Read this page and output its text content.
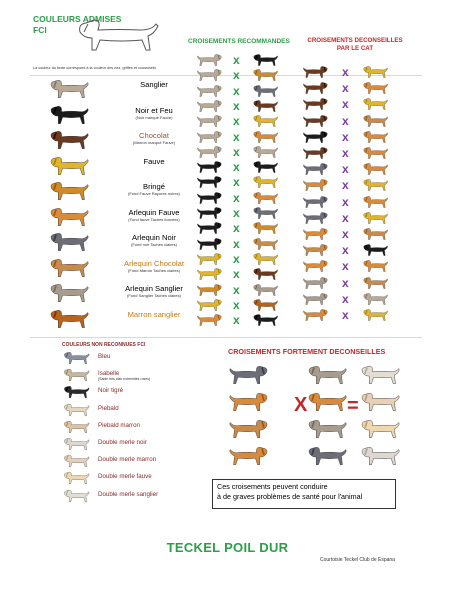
COULEURS ADMISES
FCI
La couleur du texte correspond à la couleur des nez, griffes et coussinets
CROISEMENTS RECOMMANDES	CROISEMENTS DECONSEILLES
PAR LE CAT
Sanglier
Noir et Feu
(Noir marqué Fauve)
Chocolat
(Marron marqué Fauve)
Fauve
Bringé
(Fond Fauve Rayures noires)
Arlequin Fauve
(Fond fauve Taches foncées)
Arlequin Noir
(Fond noir Taches claires)
Arlequin Chocolat
(Fond Marron Taches claires)
Arlequin Sanglier
(Fond Sanglier Taches claires)
Marron sanglier
x
x
x
x
x
x
x
x
x
x
x
x
x
x
x
x
x
x
x
x
x
x
x
x
x
x
x
x
x
x
x
x
x
x
COULEURS NON RECONNUES FCI
Bleu
Isabelle
(Sable très clair extrémités roses)
Noir tigré
Piebald
Piebald marron
Double merle noir
Double merle marron
Double merle fauve
Double merle sanglier
CROISEMENTS FORTEMENT DECONSEILLES
X =
Ces croisements peuvent conduire
à de graves problèmes de santé pour l'animal
TECKEL POIL DUR
Courtoisie Teckel Club de Espana
